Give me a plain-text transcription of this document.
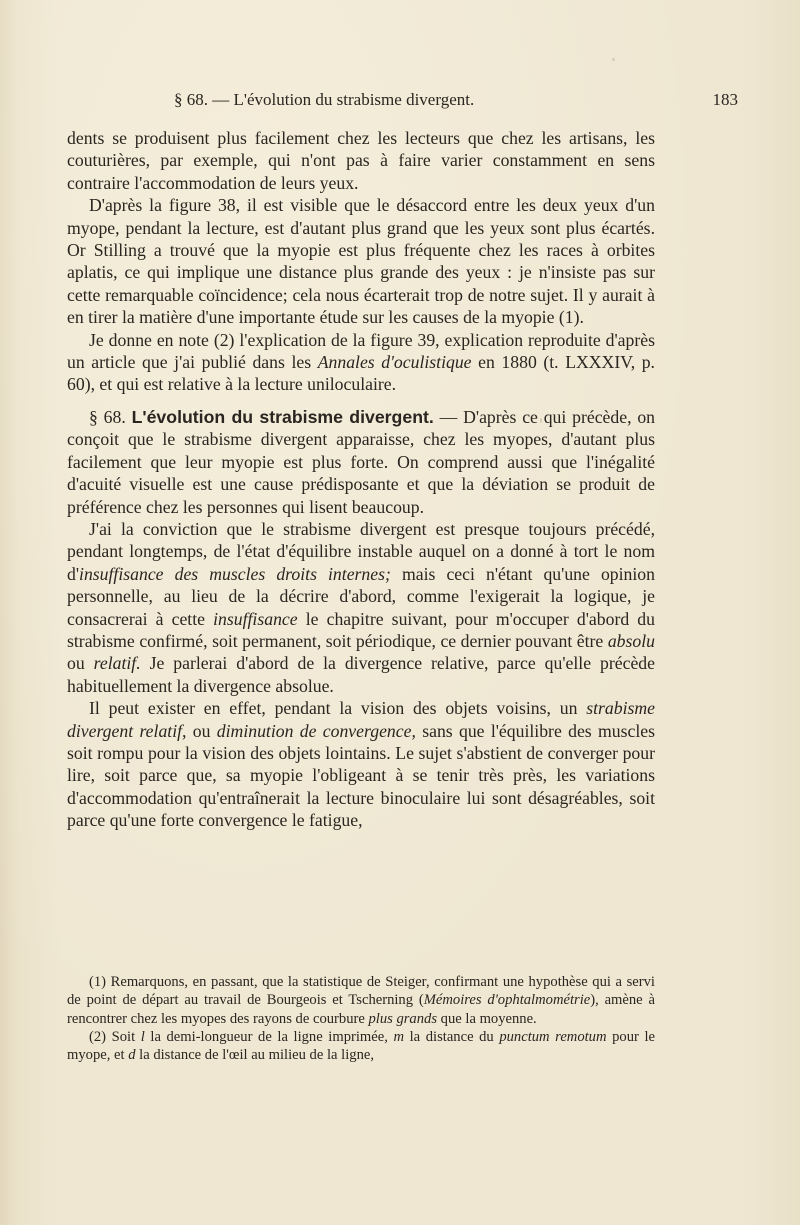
§ 68. — L'évolution du strabisme divergent.	183

dents se produisent plus facilement chez les lecteurs que chez les artisans, les couturières, par exemple, qui n'ont pas à faire varier constamment en sens contraire l'accommodation de leurs yeux.

D'après la figure 38, il est visible que le désaccord entre les deux yeux d'un myope, pendant la lecture, est d'autant plus grand que les yeux sont plus écartés. Or Stilling a trouvé que la myopie est plus fréquente chez les races à orbites aplatis, ce qui implique une distance plus grande des yeux : je n'insiste pas sur cette remarquable coïncidence; cela nous écarterait trop de notre sujet. Il y aurait à en tirer la matière d'une importante étude sur les causes de la myopie (1).

Je donne en note (2) l'explication de la figure 39, explication reproduite d'après un article que j'ai publié dans les Annales d'oculistique en 1880 (t. LXXXIV, p. 60), et qui est relative à la lecture uniloculaire.

§ 68. L'évolution du strabisme divergent. — D'après ce qui précède, on conçoit que le strabisme divergent apparaisse, chez les myopes, d'autant plus facilement que leur myopie est plus forte. On comprend aussi que l'inégalité d'acuité visuelle est une cause prédisposante et que la déviation se produit de préférence chez les personnes qui lisent beaucoup.

J'ai la conviction que le strabisme divergent est presque toujours précédé, pendant longtemps, de l'état d'équilibre instable auquel on a donné à tort le nom d'insuffisance des muscles droits internes; mais ceci n'étant qu'une opinion personnelle, au lieu de la décrire d'abord, comme l'exigerait la logique, je consacrerai à cette insuffisance le chapitre suivant, pour m'occuper d'abord du strabisme confirmé, soit permanent, soit périodique, ce dernier pouvant être absolu ou relatif. Je parlerai d'abord de la divergence relative, parce qu'elle précède habituellement la divergence absolue.

Il peut exister en effet, pendant la vision des objets voisins, un strabisme divergent relatif, ou diminution de convergence, sans que l'équilibre des muscles soit rompu pour la vision des objets lointains. Le sujet s'abstient de converger pour lire, soit parce que, sa myopie l'obligeant à se tenir très près, les variations d'accommodation qu'entraînerait la lecture binoculaire lui sont désagréables, soit parce qu'une forte convergence le fatigue,

(1) Remarquons, en passant, que la statistique de Steiger, confirmant une hypothèse qui a servi de point de départ au travail de Bourgeois et Tscherning (Mémoires d'ophtalmométrie), amène à rencontrer chez les myopes des rayons de courbure plus grands que la moyenne.

(2) Soit l la demi-longueur de la ligne imprimée, m la distance du punctum remotum pour le myope, et d la distance de l'œil au milieu de la ligne,
